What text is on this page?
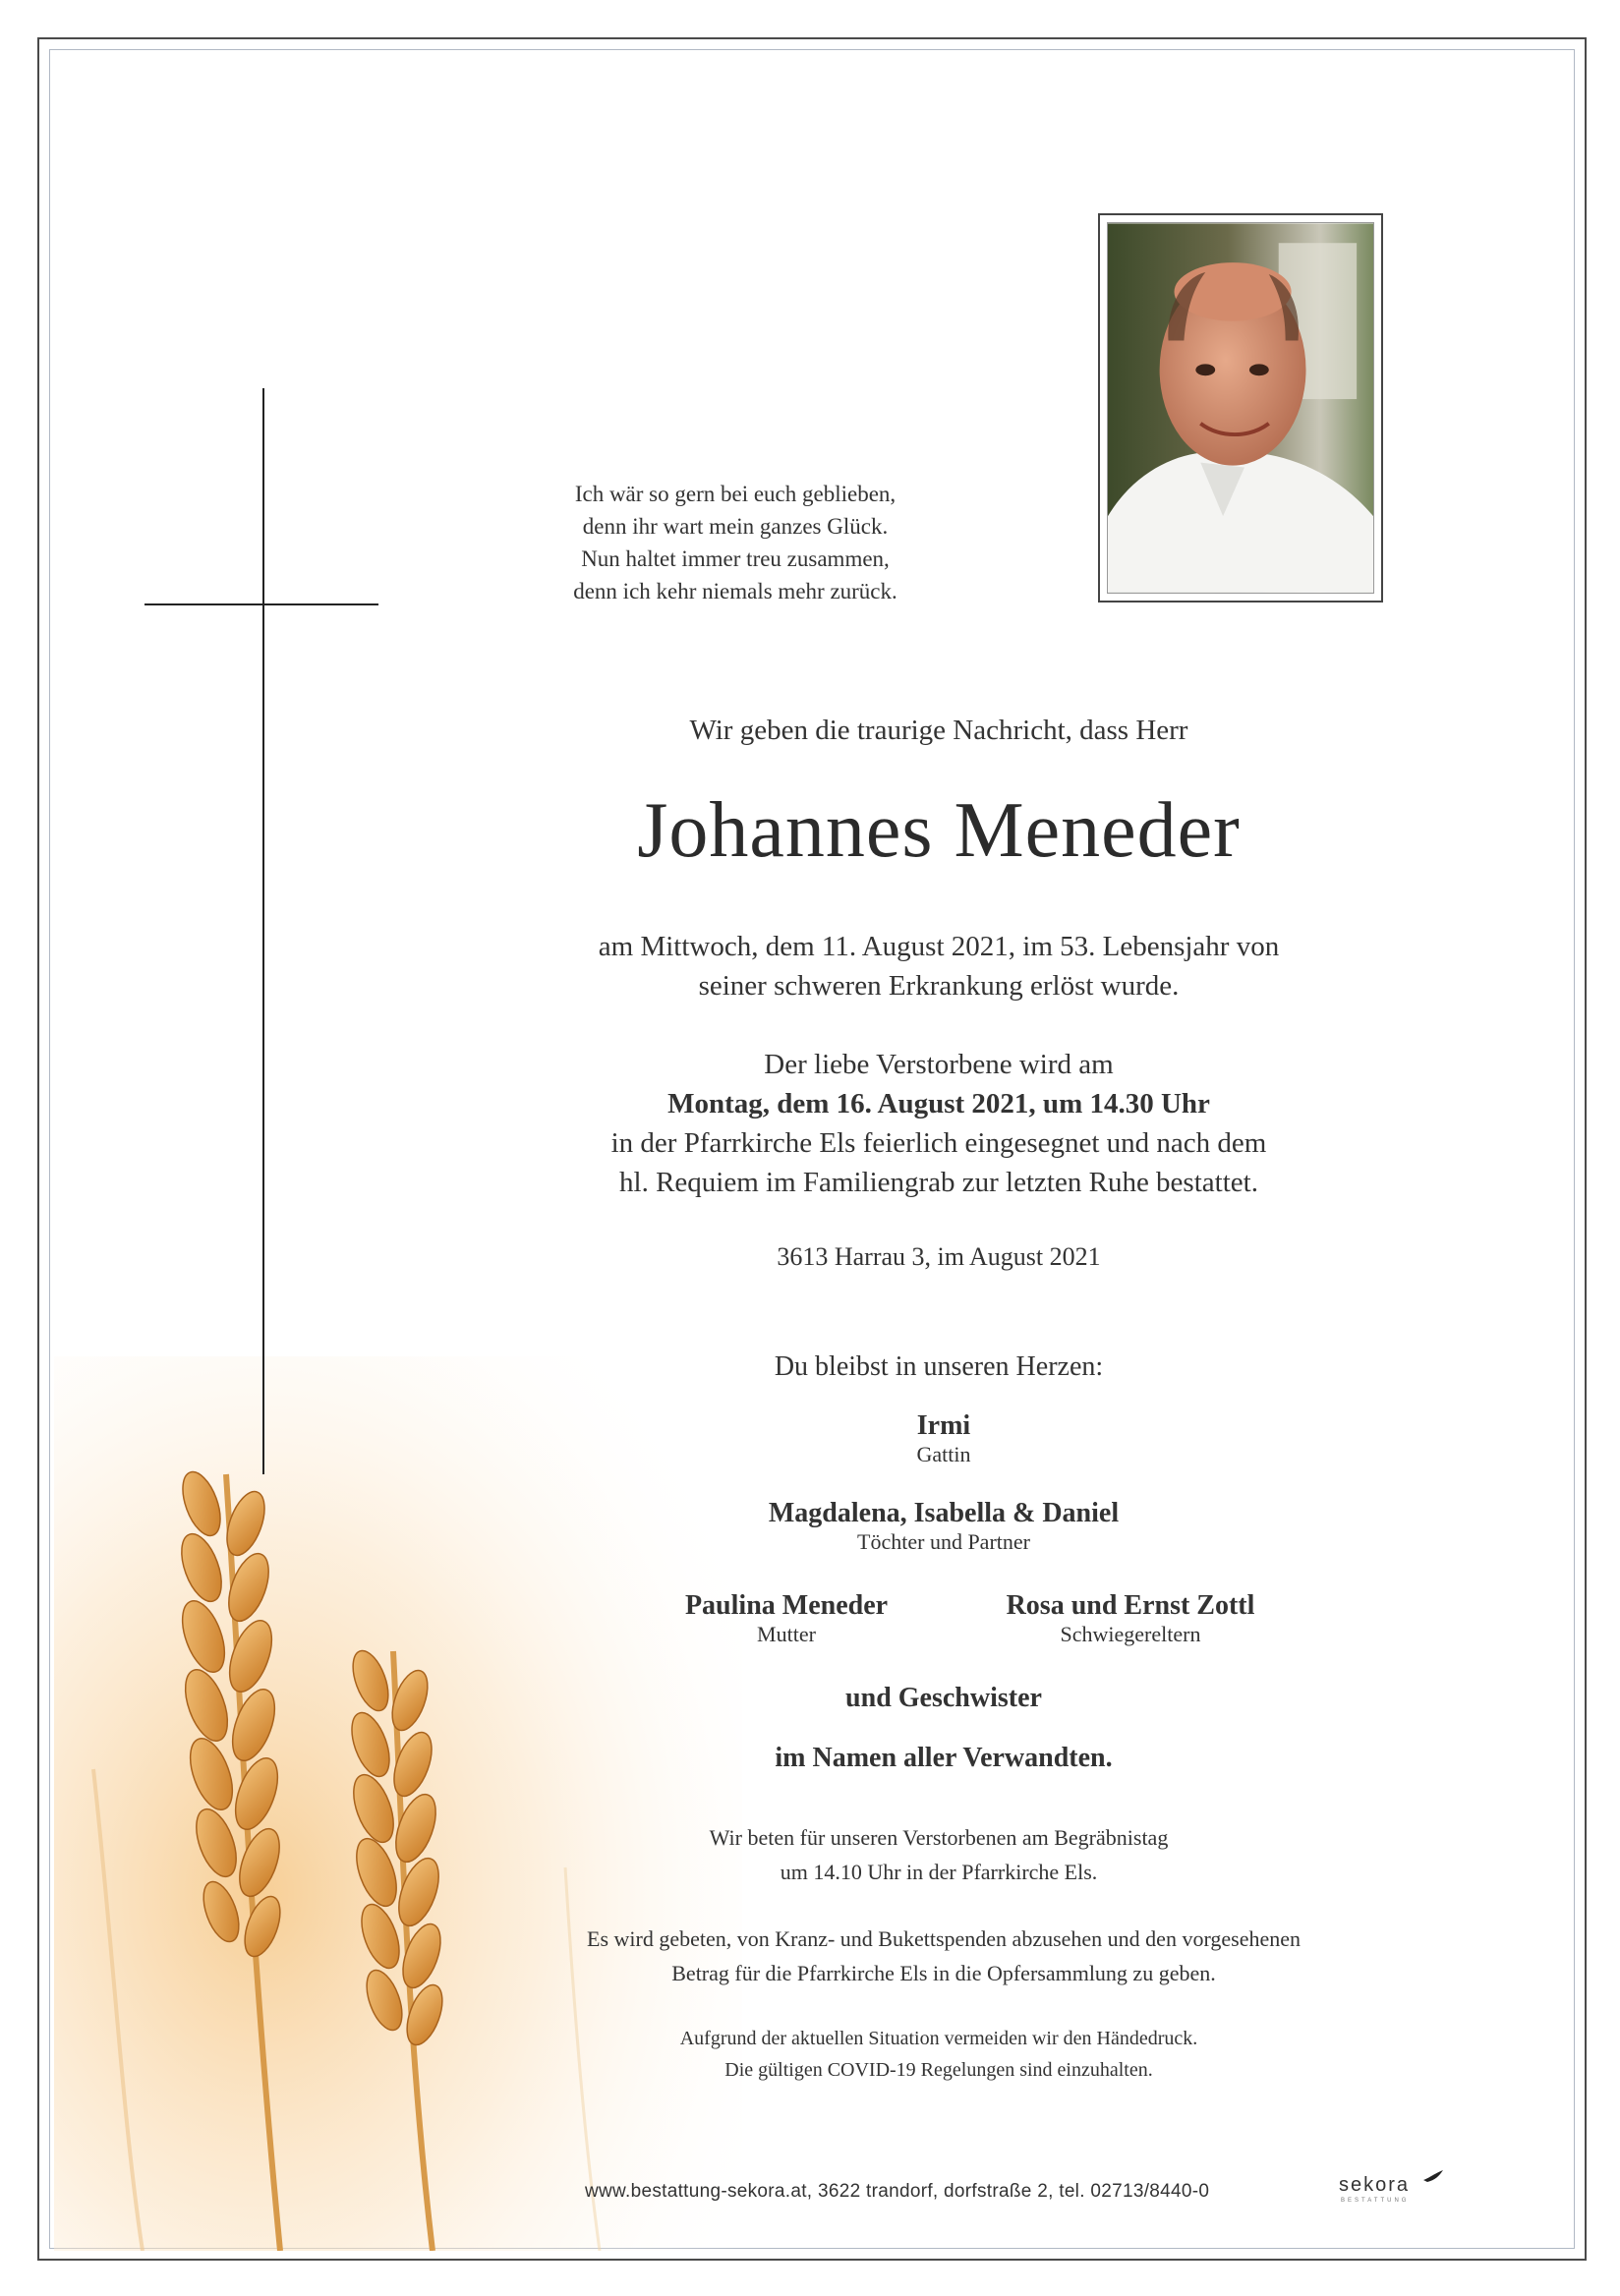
Ich wär so gern bei euch geblieben,
denn ihr wart mein ganzes Glück.
Nun haltet immer treu zusammen,
denn ich kehr niemals mehr zurück.
Wir geben die traurige Nachricht, dass Herr
Johannes Meneder
am Mittwoch, dem 11. August 2021, im 53. Lebensjahr von
seiner schweren Erkrankung erlöst wurde.
Der liebe Verstorbene wird am
Montag, dem 16. August 2021, um 14.30 Uhr
in der Pfarrkirche Els feierlich eingesegnet und nach dem
hl. Requiem im Familiengrab zur letzten Ruhe bestattet.
3613 Harrau 3, im August 2021
Du bleibst in unseren Herzen:
Irmi
Gattin
Magdalena, Isabella & Daniel
Töchter und Partner
Paulina Meneder
Mutter
Rosa und Ernst Zottl
Schwiegereltern
und Geschwister
im Namen aller Verwandten.
Wir beten für unseren Verstorbenen am Begräbnistag
um 14.10 Uhr in der Pfarrkirche Els.
Es wird gebeten, von Kranz- und Bukettspenden abzusehen und den vorgesehenen
Betrag für die Pfarrkirche Els in die Opfersammlung zu geben.
Aufgrund der aktuellen Situation vermeiden wir den Händedruck.
Die gültigen COVID-19 Regelungen sind einzuhalten.
www.bestattung-sekora.at, 3622 trandorf, dorfstraße 2, tel. 02713/8440-0	sekora
BESTATTUNG
